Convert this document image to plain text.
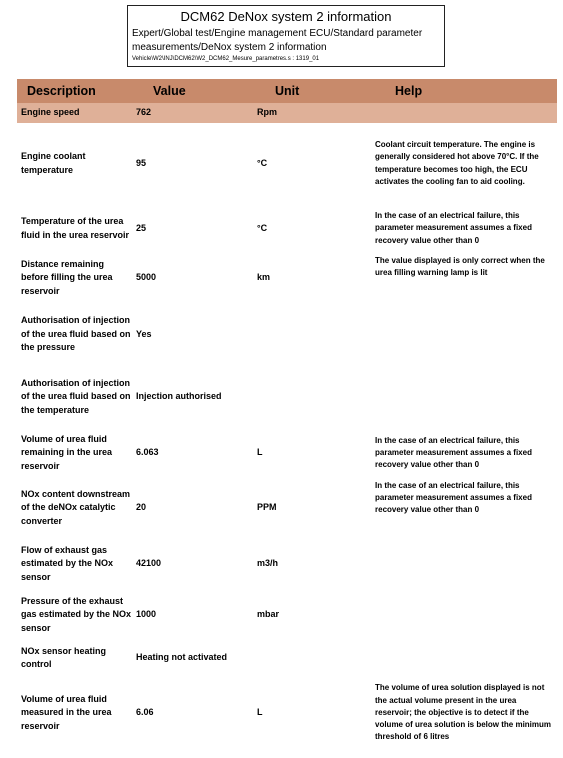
DCM62 DeNox system 2 information
Expert/Global test/Engine management ECU/Standard parameter measurements/DeNox system 2 information
Vehicle\W2\INJ\DCM62\W2_DCM62_Mesure_parametres.s : 1319_01
Description	Value	Unit	Help
Engine speed	762	Rpm	
Engine coolant temperature	95	°C	Coolant circuit temperature. The engine is generally considered hot above 70°C. If the temperature becomes too high, the ECU activates the cooling fan to aid cooling.
Temperature of the urea fluid in the urea reservoir	25	°C	In the case of an electrical failure, this parameter measurement assumes a fixed recovery value other than 0
Distance remaining before filling the urea reservoir	5000	km	The value displayed is only correct when the urea filling warning lamp is lit
Authorisation of injection of the urea fluid based on the pressure	Yes		
Authorisation of injection of the urea fluid based on the temperature	Injection authorised		
Volume of urea fluid remaining in the urea reservoir	6.063	L	In the case of an electrical failure, this parameter measurement assumes a fixed recovery value other than 0
NOx content downstream of the deNOx catalytic converter	20	PPM	In the case of an electrical failure, this parameter measurement assumes a fixed recovery value other than 0
Flow of exhaust gas estimated by the NOx sensor	42100	m3/h	
Pressure of the exhaust gas estimated by the NOx sensor	1000	mbar	
NOx sensor heating control	Heating not activated		
Volume of urea fluid measured in the urea reservoir	6.06	L	The volume of urea solution displayed is not the actual volume present in the urea reservoir; the objective is to detect if the volume of urea solution is below the minimum threshold of 6 litres
